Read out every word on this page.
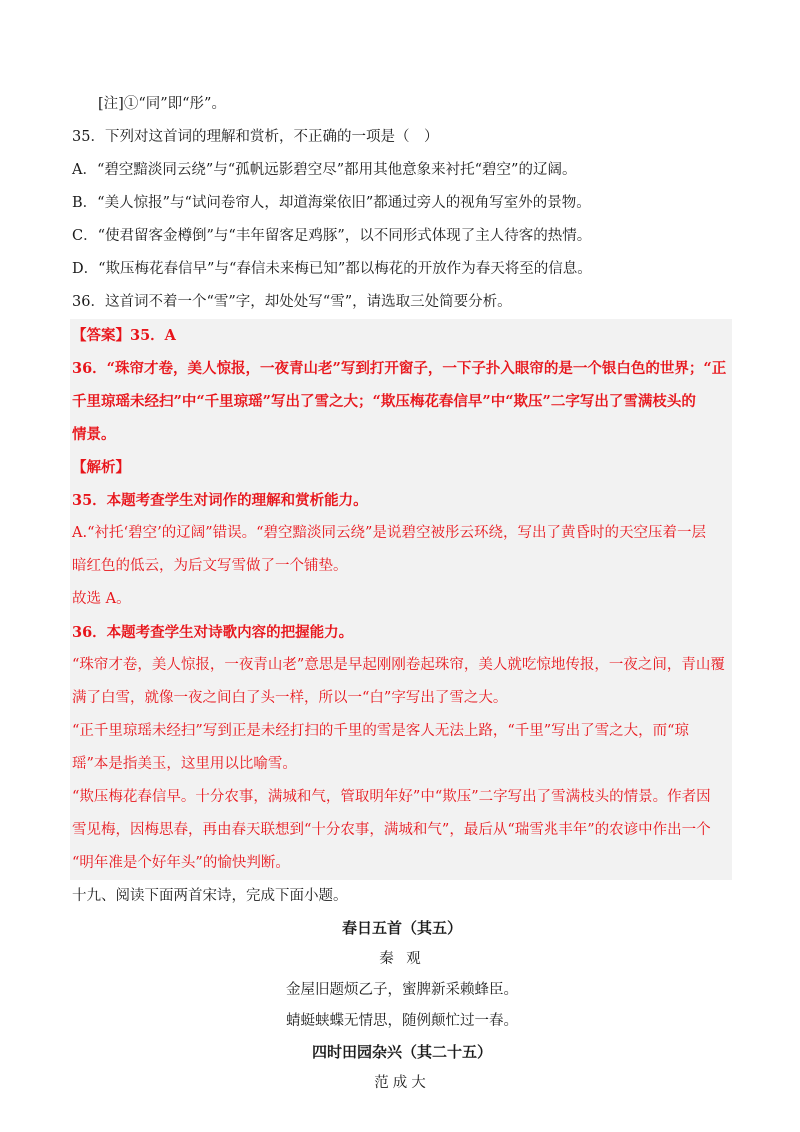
[注]①“同”即“彤”。
35．下列对这首词的理解和赏析，不正确的一项是（　）
A．“碧空黯淡同云绕”与“孤帆远影碧空尽”都用其他意象来衬托“碧空”的辽阔。
B．“美人惊报”与“试问卷帘人，却道海棠依旧”都通过旁人的视角写室外的景物。
C．“使君留客金樽倒”与“丰年留客足鸡豚”，以不同形式体现了主人待客的热情。
D．“欺压梅花春信早”与“春信未来梅已知”都以梅花的开放作为春天将至的信息。
36．这首词不着一个“雪”字，却处处写“雪”，请选取三处简要分析。
【答案】35．A
36．“珠帘才卷，美人惊报，一夜青山老”写到打开窗子，一下子扑入眼帘的是一个银白色的世界；“正
千里琼瑶未经扫”中“千里琼瑶”写出了雪之大；“欺压梅花春信早”中“欺压”二字写出了雪满枝头的
情景。
【解析】
35．本题考查学生对词作的理解和赏析能力。
A.“衬托‘碧空’的辽阔”错误。“碧空黯淡同云绕”是说碧空被彤云环绕，写出了黄昏时的天空压着一层
暗红色的低云，为后文写雪做了一个铺垫。
故选 A。
36．本题考查学生对诗歌内容的把握能力。
“珠帘才卷，美人惊报，一夜青山老”意思是早起刚刚卷起珠帘，美人就吃惊地传报，一夜之间，青山覆
满了白雪，就像一夜之间白了头一样，所以一“白”字写出了雪之大。
“正千里琼瑶未经扫”写到正是未经打扫的千里的雪是客人无法上路，“千里”写出了雪之大，而“琼
瑶”本是指美玉，这里用以比喻雪。
“欺压梅花春信早。十分农事，满城和气，管取明年好”中“欺压”二字写出了雪满枝头的情景。作者因
雪见梅，因梅思春，再由春天联想到“十分农事，满城和气”，最后从“瑞雪兆丰年”的农谚中作出一个
“明年准是个好年头”的愉快判断。
十九、阅读下面两首宋诗，完成下面小题。
春日五首（其五）
秦 观
金屋旧题烦乙子，蜜脾新采赖蜂臣。
蜻蜓蛱蝶无情思，随例颠忙过一春。
四时田园杂兴（其二十五）
范成大
